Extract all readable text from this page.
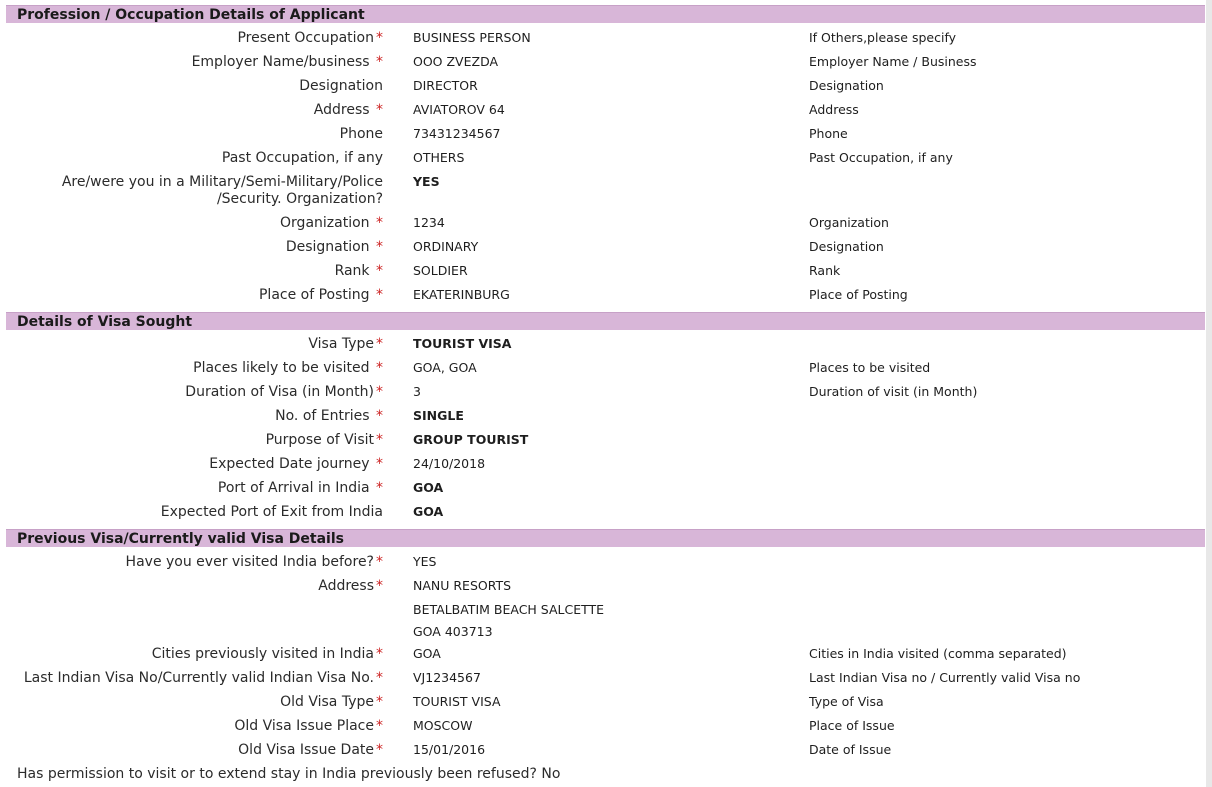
Profession / Occupation Details of Applicant
Present Occupation * BUSINESS PERSON	If Others,please specify
Employer Name/business * OOO ZVEZDA	Employer Name / Business
Designation DIRECTOR	Designation
Address * AVIATOROV 64	Address
Phone 73431234567	Phone
Past Occupation, if any OTHERS	Past Occupation, if any
Are/were you in a Military/Semi-Military/Police /Security. Organization?
YES
Organization * 1234	Organization
Designation * ORDINARY	Designation
Rank * SOLDIER	Rank
Place of Posting * EKATERINBURG	Place of Posting
Details of Visa Sought
Visa Type * TOURIST VISA
Places likely to be visited * GOA, GOA	Places to be visited
Duration of Visa (in Month) * 3	Duration of visit (in Month)
No. of Entries * SINGLE
Purpose of Visit * GROUP TOURIST
Expected Date journey * 24/10/2018
Port of Arrival in India * GOA
Expected Port of Exit from India GOA
Previous Visa/Currently valid Visa Details
Have you ever visited India before? * YES
Address * NANU RESORTS
BETALBATIM BEACH SALCETTE
GOA 403713
Cities previously visited in India * GOA	Cities in India visited (comma separated)
Last Indian Visa No/Currently valid Indian Visa No. * VJ1234567	Last Indian Visa no / Currently valid Visa no
Old Visa Type * TOURIST VISA	Type of Visa
Old Visa Issue Place * MOSCOW	Place of Issue
Old Visa Issue Date * 15/01/2016	Date of Issue
Has permission to visit or to extend stay in India previously been refused? No
